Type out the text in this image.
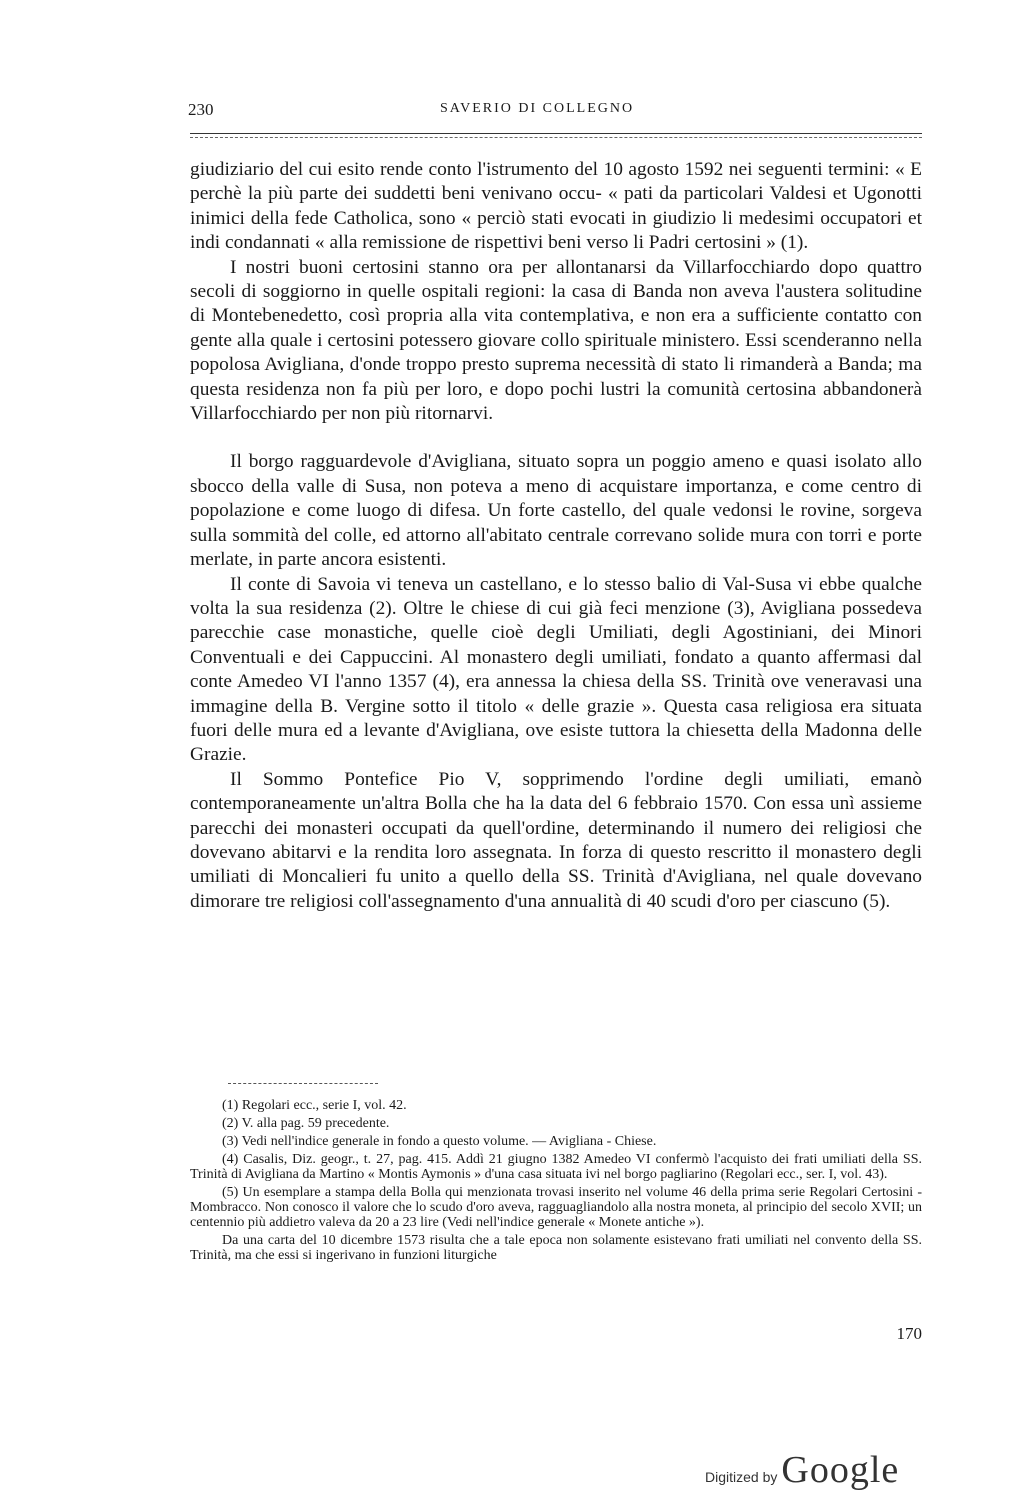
230	SAVERIO DI COLLEGNO

giudiziario del cui esito rende conto l'istrumento del 10 agosto 1592 nei seguenti termini: « E perchè la più parte dei suddetti beni venivano occu- « pati da particolari Valdesi et Ugonotti inimici della fede Catholica, sono « perciò stati evocati in giudizio li medesimi occupatori et indi condannati « alla remissione de rispettivi beni verso li Padri certosini » (1).

I nostri buoni certosini stanno ora per allontanarsi da Villarfocchiardo dopo quattro secoli di soggiorno in quelle ospitali regioni: la casa di Banda non aveva l'austera solitudine di Montebenedetto, così propria alla vita contemplativa, e non era a sufficiente contatto con gente alla quale i certosini potessero giovare collo spirituale ministero. Essi scenderanno nella popolosa Avigliana, d'onde troppo presto suprema necessità di stato li rimanderà a Banda; ma questa residenza non fa più per loro, e dopo pochi lustri la comunità certosina abbandonerà Villarfocchiardo per non più ritornarvi.

Il borgo ragguardevole d'Avigliana, situato sopra un poggio ameno e quasi isolato allo sbocco della valle di Susa, non poteva a meno di acquistare importanza, e come centro di popolazione e come luogo di difesa. Un forte castello, del quale vedonsi le rovine, sorgeva sulla sommità del colle, ed attorno all'abitato centrale correvano solide mura con torri e porte merlate, in parte ancora esistenti.

Il conte di Savoia vi teneva un castellano, e lo stesso balio di Val-Susa vi ebbe qualche volta la sua residenza (2). Oltre le chiese di cui già feci menzione (3), Avigliana possedeva parecchie case monastiche, quelle cioè degli Umiliati, degli Agostiniani, dei Minori Conventuali e dei Cappuccini. Al monastero degli umiliati, fondato a quanto affermasi dal conte Amedeo VI l'anno 1357 (4), era annessa la chiesa della SS. Trinità ove veneravasi una immagine della B. Vergine sotto il titolo « delle grazie ». Questa casa religiosa era situata fuori delle mura ed a levante d'Avigliana, ove esiste tuttora la chiesetta della Madonna delle Grazie.

Il Sommo Pontefice Pio V, sopprimendo l'ordine degli umiliati, emanò contemporaneamente un'altra Bolla che ha la data del 6 febbraio 1570. Con essa unì assieme parecchi dei monasteri occupati da quell'ordine, determinando il numero dei religiosi che dovevano abitarvi e la rendita loro assegnata. In forza di questo rescritto il monastero degli umiliati di Moncalieri fu unito a quello della SS. Trinità d'Avigliana, nel quale dovevano dimorare tre religiosi coll'assegnamento d'una annualità di 40 scudi d'oro per ciascuno (5).

(1) Regolari ecc., serie I, vol. 42.

(2) V. alla pag. 59 precedente.

(3) Vedi nell'indice generale in fondo a questo volume. — Avigliana - Chiese.

(4) Casalis, Diz. geogr., t. 27, pag. 415. Addì 21 giugno 1382 Amedeo VI confermò l'acquisto dei frati umiliati della SS. Trinità di Avigliana da Martino « Montis Aymonis » d'una casa situata ivi nel borgo pagliarino (Regolari ecc., ser. I, vol. 43).

(5) Un esemplare a stampa della Bolla qui menzionata trovasi inserito nel volume 46 della prima serie Regolari Certosini - Mombracco. Non conosco il valore che lo scudo d'oro aveva, ragguagliandolo alla nostra moneta, al principio del secolo XVII; un centennio più addietro valeva da 20 a 23 lire (Vedi nell'indice generale « Monete antiche »).

Da una carta del 10 dicembre 1573 risulta che a tale epoca non solamente esistevano frati umiliati nel convento della SS. Trinità, ma che essi si ingerivano in funzioni liturgiche

170
Digitized by Google
